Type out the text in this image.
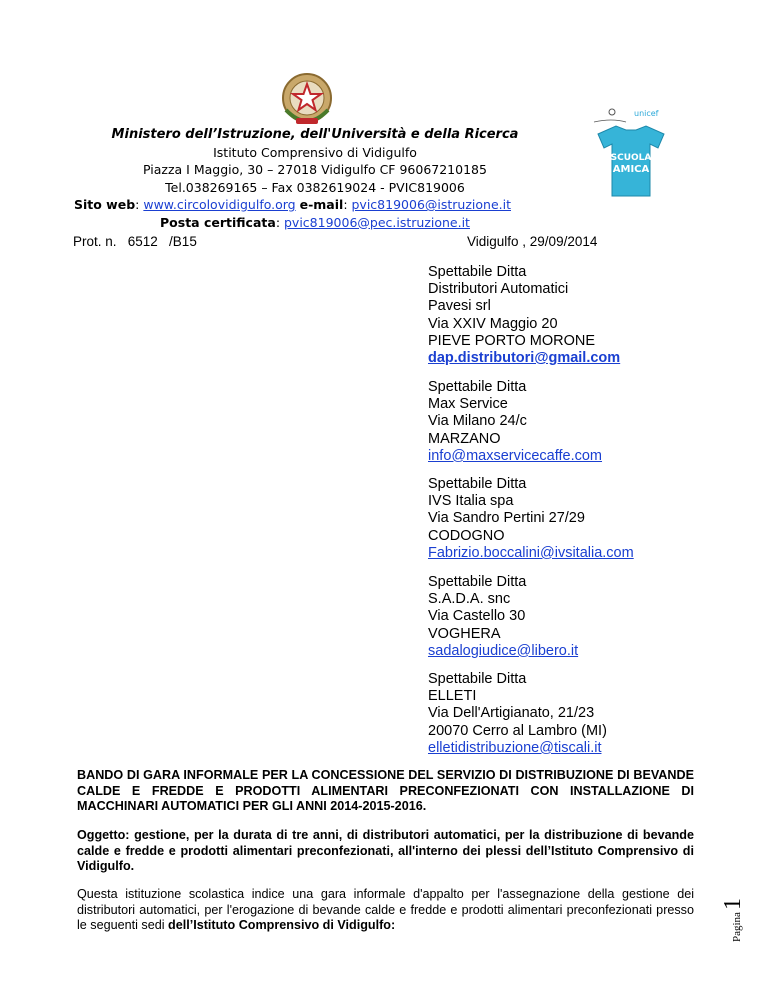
unicef
SCUOLA
AMICA
Ministero dell’Istruzione, dell'Università e della Ricerca
Istituto Comprensivo di Vidigulfo
Piazza I Maggio, 30 – 27018 Vidigulfo CF 96067210185
Tel.038269165 – Fax 0382619024 - PVIC819006
Sito web: www.circolovidigulfo.org e-mail: pvic819006@istruzione.it
Posta certificata: pvic819006@pec.istruzione.it
Prot. n.   6512   /B15	Vidigulfo , 29/09/2014
Spettabile Ditta
Distributori Automatici
Pavesi srl
Via XXIV Maggio 20
PIEVE PORTO MORONE
dap.distributori@gmail.com
Spettabile Ditta
Max Service
Via Milano 24/c
MARZANO
info@maxservicecaffe.com
Spettabile Ditta
IVS Italia spa
Via Sandro Pertini 27/29
CODOGNO
Fabrizio.boccalini@ivsitalia.com
Spettabile Ditta
S.A.D.A. snc
Via Castello 30
VOGHERA
sadalogiudice@libero.it
Spettabile Ditta
ELLETI
Via Dell'Artigianato, 21/23
20070 Cerro al Lambro (MI)
elletidistribuzione@tiscali.it
BANDO DI GARA INFORMALE PER LA CONCESSIONE DEL SERVIZIO DI DISTRIBUZIONE DI BEVANDE CALDE E FREDDE E PRODOTTI ALIMENTARI PRECONFEZIONATI CON INSTALLAZIONE DI MACCHINARI AUTOMATICI PER GLI ANNI 2014-2015-2016.
Oggetto: gestione, per la durata di tre anni, di distributori automatici, per la distribuzione di bevande calde e fredde e prodotti alimentari preconfezionati, all'interno dei plessi dell’Istituto Comprensivo di Vidigulfo.
Questa istituzione scolastica indice una gara informale d'appalto per l'assegnazione della gestione dei distributori automatici, per l'erogazione di bevande calde e fredde e prodotti alimentari preconfezionati presso le seguenti sedi dell’Istituto Comprensivo di Vidigulfo:	Pagina1
